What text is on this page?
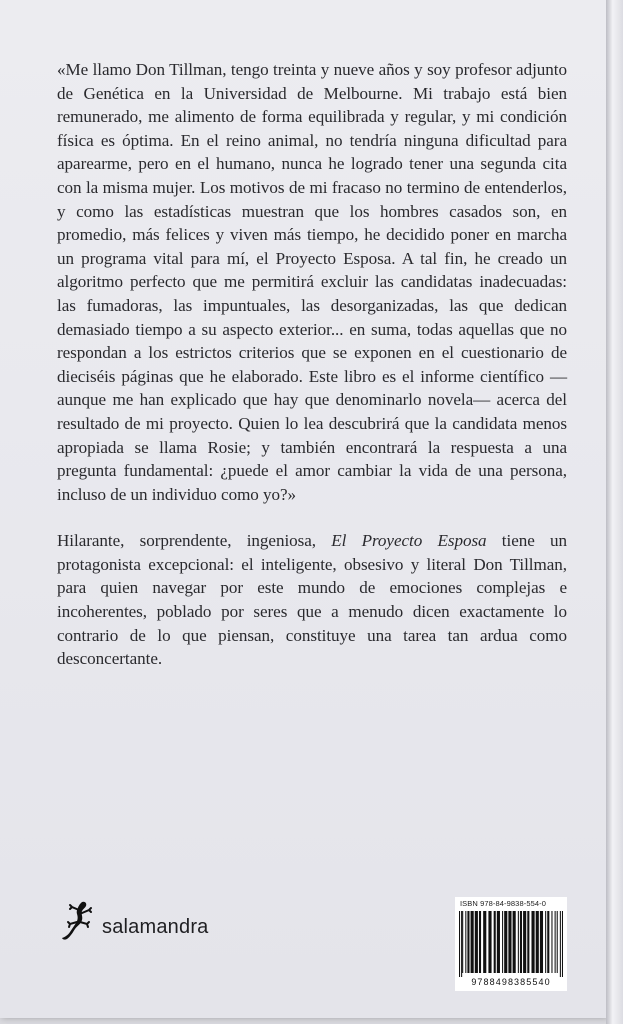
«Me llamo Don Tillman, tengo treinta y nueve años y soy profesor adjunto de Genética en la Universidad de Melbourne. Mi trabajo está bien remunerado, me alimento de forma equilibrada y regular, y mi condición física es óptima. En el reino animal, no tendría ninguna dificultad para aparearme, pero en el humano, nunca he logrado tener una segunda cita con la misma mujer. Los motivos de mi fracaso no termino de entenderlos, y como las estadísticas muestran que los hombres casados son, en promedio, más felices y viven más tiempo, he decidido poner en marcha un programa vital para mí, el Proyecto Esposa. A tal fin, he creado un algoritmo perfecto que me permitirá excluir las candidatas inadecuadas: las fumadoras, las impuntuales, las desorganizadas, las que dedican demasiado tiempo a su aspecto exterior... en suma, todas aquellas que no respondan a los estrictos criterios que se exponen en el cuestionario de dieciséis páginas que he elaborado. Este libro es el informe científico —aunque me han explicado que hay que denominarlo novela— acerca del resultado de mi proyecto. Quien lo lea descubrirá que la candidata menos apropiada se llama Rosie; y también encontrará la respuesta a una pregunta fundamental: ¿puede el amor cambiar la vida de una persona, incluso de un individuo como yo?»

Hilarante, sorprendente, ingeniosa, El Proyecto Esposa tiene un protagonista excepcional: el inteligente, obsesivo y literal Don Tillman, para quien navegar por este mundo de emociones complejas e incoherentes, poblado por seres que a menudo dicen exactamente lo contrario de lo que piensan, constituye una tarea tan ardua como desconcertante.

salamandra
ISBN 978-84-9838-554-0
9788498385540
